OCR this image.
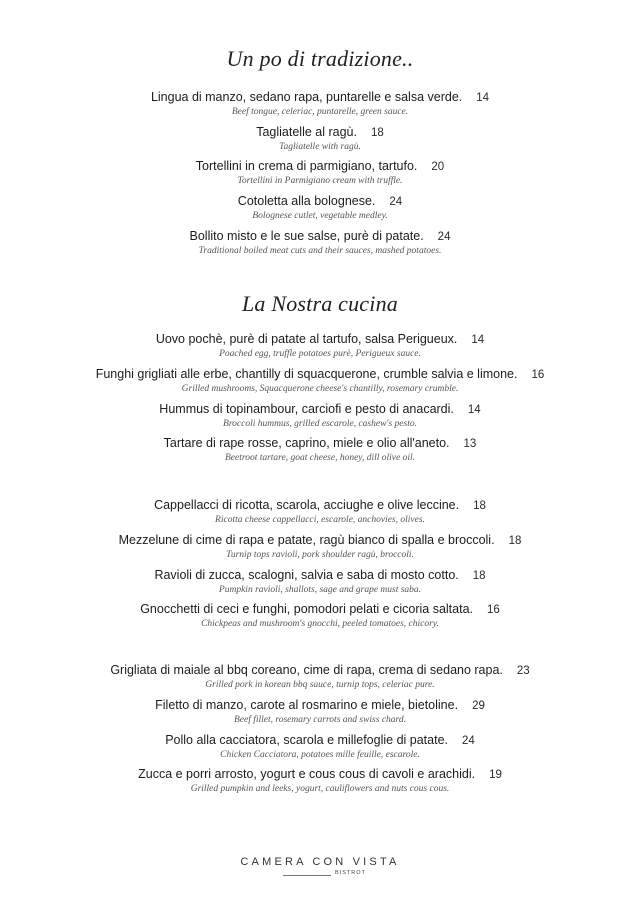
Un po di tradizione..
Lingua di manzo, sedano rapa, puntarelle e salsa verde. 14
Beef tongue, celeriac, puntarelle, green sauce.
Tagliatelle al ragù. 18
Tagliatelle with ragù.
Tortellini in crema di parmigiano, tartufo. 20
Tortellini in Parmigiano cream with truffle.
Cotoletta alla bolognese. 24
Bolognese cutlet, vegetable medley.
Bollito misto e le sue salse, purè di patate. 24
Traditional boiled meat cuts and their sauces, mashed potatoes.
La Nostra cucina
Uovo pochè, purè di patate al tartufo, salsa Perigueux. 14
Poached egg, truffle potatoes purè, Perigueux sauce.
Funghi grigliati alle erbe, chantilly di squacquerone, crumble salvia e limone. 16
Grilled mushrooms, Squacquerone cheese's chantilly, rosemary crumble.
Hummus di topinambour, carciofi e pesto di anacardi. 14
Broccoli hummus, grilled escarole, cashew's pesto.
Tartare di rape rosse, caprino, miele e olio all'aneto. 13
Beetroot tartare, goat cheese, honey, dill olive oil.
Cappellacci di ricotta, scarola, acciughe e olive leccine. 18
Ricotta cheese cappellacci, escarole, anchovies, olives.
Mezzelune di cime di rapa e patate, ragù bianco di spalla e broccoli. 18
Turnip tops ravioli, pork shoulder ragù, broccoli.
Ravioli di zucca, scalogni, salvia e saba di mosto cotto. 18
Pumpkin ravioli, shallots, sage and grape must saba.
Gnocchetti di ceci e funghi, pomodori pelati e cicoria saltata. 16
Chickpeas and mushroom's gnocchi, peeled tomatoes, chicory.
Grigliata di maiale al bbq coreano, cime di rapa, crema di sedano rapa. 23
Grilled pork in korean bbq sauce, turnip tops, celeriac pure.
Filetto di manzo, carote al rosmarino e miele, bietoline. 29
Beef fillet, rosemary carrots and swiss chard.
Pollo alla cacciatora, scarola e millefoglie di patate. 24
Chicken Cacciatora, potatoes mille feuille, escarole.
Zucca e porri arrosto, yogurt e cous cous di cavoli e arachidi. 19
Grilled pumpkin and leeks, yogurt, cauliflowers and nuts cous cous.
CAMERA CON VISTA
BISTROT
